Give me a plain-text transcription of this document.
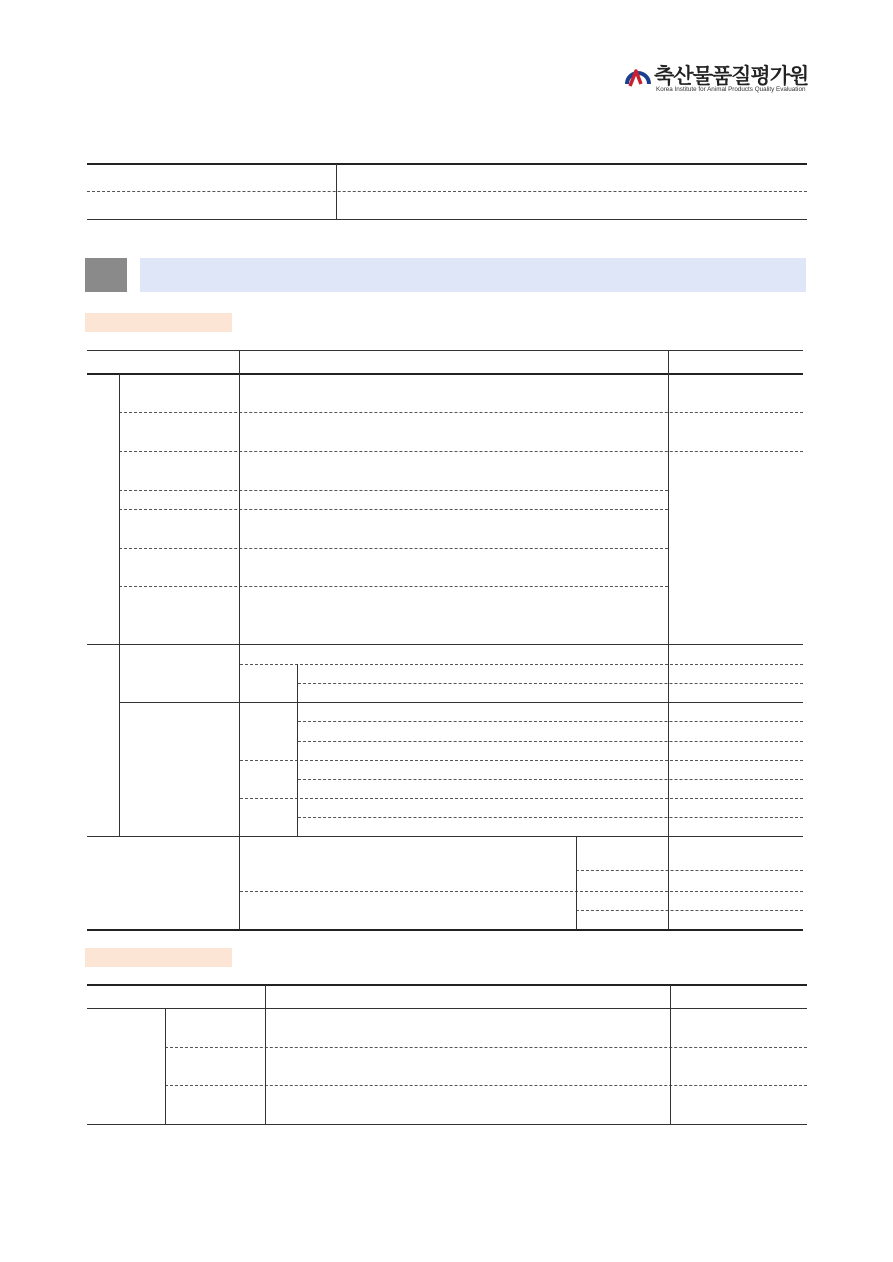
축산물품질평가원
Korea Institute for Animal Products Quality Evaluation
